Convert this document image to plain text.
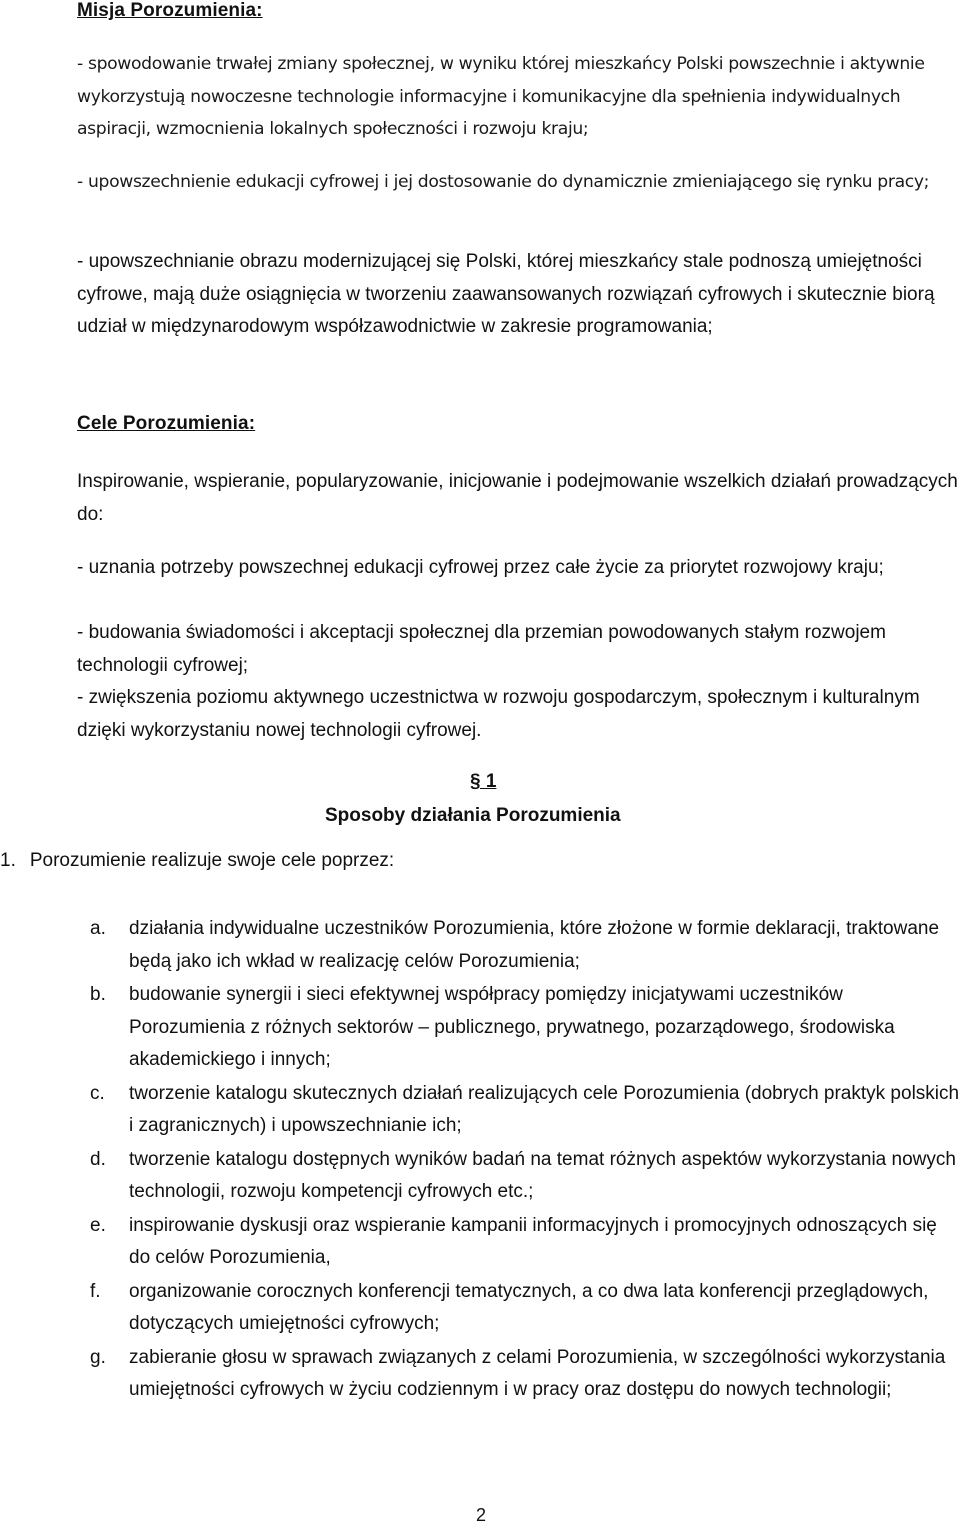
Misja Porozumienia:

- spowodowanie trwałej zmiany społecznej, w wyniku której mieszkańcy Polski powszechnie i aktywnie wykorzystują nowoczesne technologie informacyjne i komunikacyjne dla spełnienia indywidualnych aspiracji, wzmocnienia lokalnych społeczności i rozwoju kraju;

- upowszechnienie edukacji cyfrowej i jej dostosowanie do dynamicznie zmieniającego się rynku pracy;

- upowszechnianie obrazu modernizującej się Polski, której mieszkańcy stale podnoszą umiejętności cyfrowe, mają duże osiągnięcia w tworzeniu zaawansowanych rozwiązań cyfrowych i skutecznie biorą udział w międzynarodowym współzawodnictwie w zakresie programowania;

Cele Porozumienia:

Inspirowanie, wspieranie, popularyzowanie, inicjowanie i podejmowanie wszelkich działań prowadzących do:

- uznania potrzeby powszechnej edukacji cyfrowej przez całe życie za priorytet rozwojowy kraju;

- budowania świadomości i akceptacji społecznej dla przemian powodowanych stałym rozwojem technologii cyfrowej;

- zwiększenia poziomu aktywnego uczestnictwa w rozwoju gospodarczym, społecznym i kulturalnym dzięki wykorzystaniu nowej technologii cyfrowej.

§ 1
Sposoby działania Porozumienia
1. Porozumienie realizuje swoje cele poprzez:
a. działania indywidualne uczestników Porozumienia, które złożone w formie deklaracji, traktowane będą jako ich wkład w realizację celów Porozumienia;
b. budowanie synergii i sieci efektywnej współpracy pomiędzy inicjatywami uczestników Porozumienia z różnych sektorów – publicznego, prywatnego, pozarządowego, środowiska akademickiego i innych;
c. tworzenie katalogu skutecznych działań realizujących cele Porozumienia (dobrych praktyk polskich i zagranicznych) i upowszechnianie ich;
d. tworzenie katalogu dostępnych wyników badań na temat różnych aspektów wykorzystania nowych technologii, rozwoju kompetencji cyfrowych etc.;
e. inspirowanie dyskusji oraz wspieranie kampanii informacyjnych i promocyjnych odnoszących się do celów Porozumienia,
f. organizowanie corocznych konferencji tematycznych, a co dwa lata konferencji przeglądowych, dotyczących umiejętności cyfrowych;
g. zabieranie głosu w sprawach związanych z celami Porozumienia, w szczególności wykorzystania umiejętności cyfrowych w życiu codziennym i w pracy oraz dostępu do nowych technologii;
2
